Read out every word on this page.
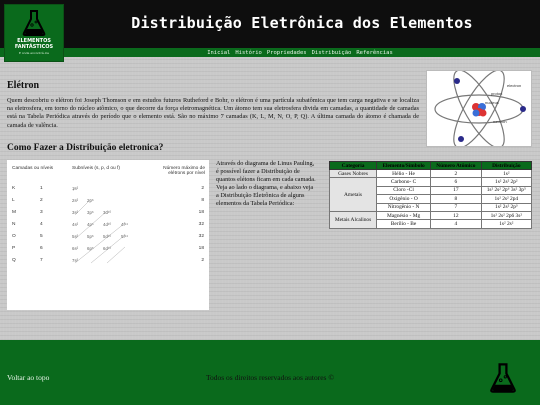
Distribuição Eletrônica dos Elementos
ELEMENTOS
FANTÁSTICOS
E onde encontrá-los	Inicial Histório Propriedades Distribuição Referências
Elétron

Quem descobriu o elétron foi Joseph Thomson e em estudos futuros Rutheford e Bohr, o elétron é uma partícula subatômica que tem carga negativa e se localiza na eletrosfera, em torno do núcleo atômico, o que decorre da força eletromagnética. Um átomo tem sua eletrosfera divida em camadas, a quantidade de camadas está na Tabela Periódica através do período que o elemento está. São no máximo 7 camadas (K, L, M, N, O, P, Q). A última camada do átomo é chamada de camada de valência.

proton
neutron
electron
nucleus
Como Fazer a Distribuição eletronica?
Camadas ou níveis	Subníveis (s, p, d ou f)	Número máximo de elétrons por nível
K	1	1s²	2
L	2	2s² 2p⁶	8
M	3	3s² 3p⁶ 3d¹⁰	18
N	4	4s² 4p⁶ 4d¹⁰ 4f¹⁴	32
O	5	5s² 5p⁶ 5d¹⁰ 5f¹⁴	32
P	6	6s² 6p⁶ 6d¹⁰	18
Q	7	7s²	2

Através do diagrama de Linus Pauling, é possível fazer a Distribuição de quantos elétons ficam em cada camada. Veja ao lado o diagrama, e abaixo veja a Distribuição Eletrônica de alguns elementos da Tabela Periódica:

Categoria	Elemento/Símbolo	Número Atômico	Distribuição
Gases Nobres	Hélio - He	2	1s²
Ametais	Carbono- C	6	1s² 2s² 2p²
	Cloro -Cl	17	1s² 2s² 2p⁶ 3s² 3p⁵
	Oxigênio - O	8	1s² 2s² 2p4
	Nitrogênio - N	7	1s² 2s² 2p³
Metais Alcalinos	Magnésio - Mg	12	1s² 2s² 2p6 3s²
	Berílio - Be	4	1s² 2s²
Voltar ao topo	Todos os direitos reservados aos autores ©
